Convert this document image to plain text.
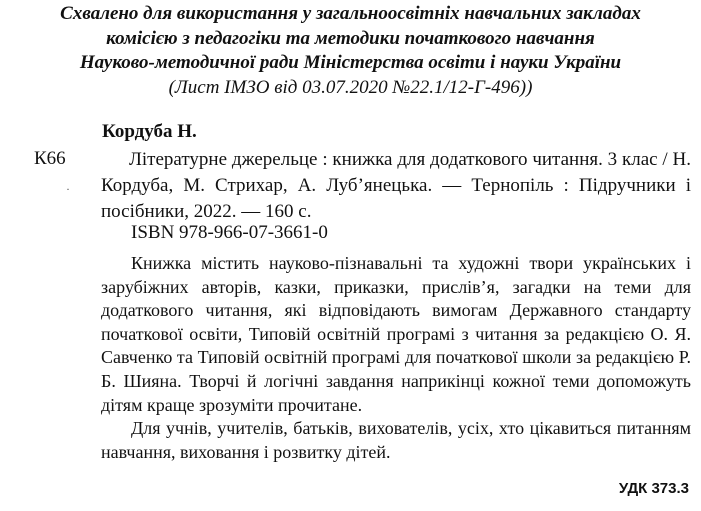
Схвалено для використання у загальноосвітніх навчальних закладах
комісією з педагогіки та методики початкового навчання
Науково-методичної ради Міністерства освіти і науки України
(Лист ІМЗО від 03.07.2020 №22.1/12-Г-496))
Кордуба Н.
К66
·
Літературне джерельце : книжка для додаткового читання. 3 клас / Н. Кордуба, М. Стрихар, А. Луб’янецька. — Тернопіль : Підручники і посібники, 2022. — 160 с.
ISBN 978-966-07-3661-0

Книжка містить науково-пізнавальні та художні твори українських і зарубіжних авторів, казки, приказки, прислів’я, загадки на теми для додаткового читання, які відповідають вимогам Державного стандарту початкової освіти, Типовій освітній програмі з читання за редакцією О. Я. Савченко та Типовій освітній програмі для початкової школи за редакцією Р. Б. Шияна. Творчі й логічні завдання наприкінці кожної теми допоможуть дітям краще зрозуміти прочитане.

Для учнів, учителів, батьків, вихователів, усіх, хто цікавиться питанням навчання, виховання і розвитку дітей.

УДК 373.3
